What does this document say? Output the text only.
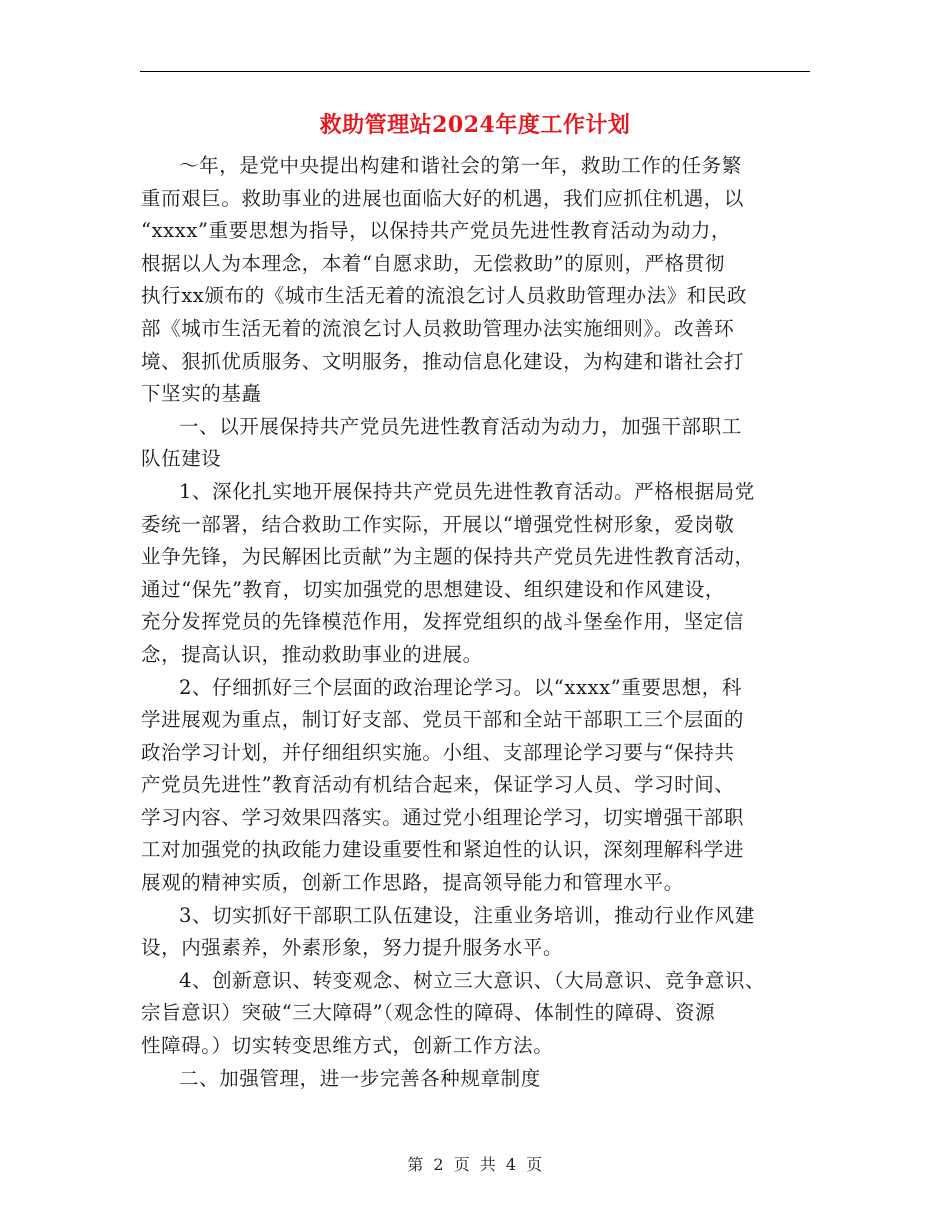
救助管理站2024年度工作计划
～年，是党中央提出构建和谐社会的第一年，救助工作的任务繁
重而艰巨。救助事业的进展也面临大好的机遇，我们应抓住机遇，以
“xxxx”重要思想为指导，以保持共产党员先进性教育活动为动力，
根据以人为本理念，本着“自愿求助，无偿救助”的原则，严格贯彻
执行xx颁布的《城市生活无着的流浪乞讨人员救助管理办法》和民政
部《城市生活无着的流浪乞讨人员救助管理办法实施细则》。改善环
境、狠抓优质服务、文明服务，推动信息化建设，为构建和谐社会打
下坚实的基矗
一、以开展保持共产党员先进性教育活动为动力，加强干部职工
队伍建设
1、深化扎实地开展保持共产党员先进性教育活动。严格根据局党
委统一部署，结合救助工作实际，开展以“增强党性树形象，爱岗敬
业争先锋，为民解困比贡献”为主题的保持共产党员先进性教育活动，
通过“保先”教育，切实加强党的思想建设、组织建设和作风建设，
充分发挥党员的先锋模范作用，发挥党组织的战斗堡垒作用，坚定信
念，提高认识，推动救助事业的进展。
2、仔细抓好三个层面的政治理论学习。以“xxxx”重要思想，科
学进展观为重点，制订好支部、党员干部和全站干部职工三个层面的
政治学习计划，并仔细组织实施。小组、支部理论学习要与“保持共
产党员先进性”教育活动有机结合起来，保证学习人员、学习时间、
学习内容、学习效果四落实。通过党小组理论学习，切实增强干部职
工对加强党的执政能力建设重要性和紧迫性的认识，深刻理解科学进
展观的精神实质，创新工作思路，提高领导能力和管理水平。
3、切实抓好干部职工队伍建设，注重业务培训，推动行业作风建
设，内强素养，外素形象，努力提升服务水平。
4、创新意识、转变观念、树立三大意识、（大局意识、竞争意识、
宗旨意识）突破“三大障碍”（观念性的障碍、体制性的障碍、资源
性障碍。）切实转变思维方式，创新工作方法。
二、加强管理，进一步完善各种规章制度
第 2 页 共 4 页
